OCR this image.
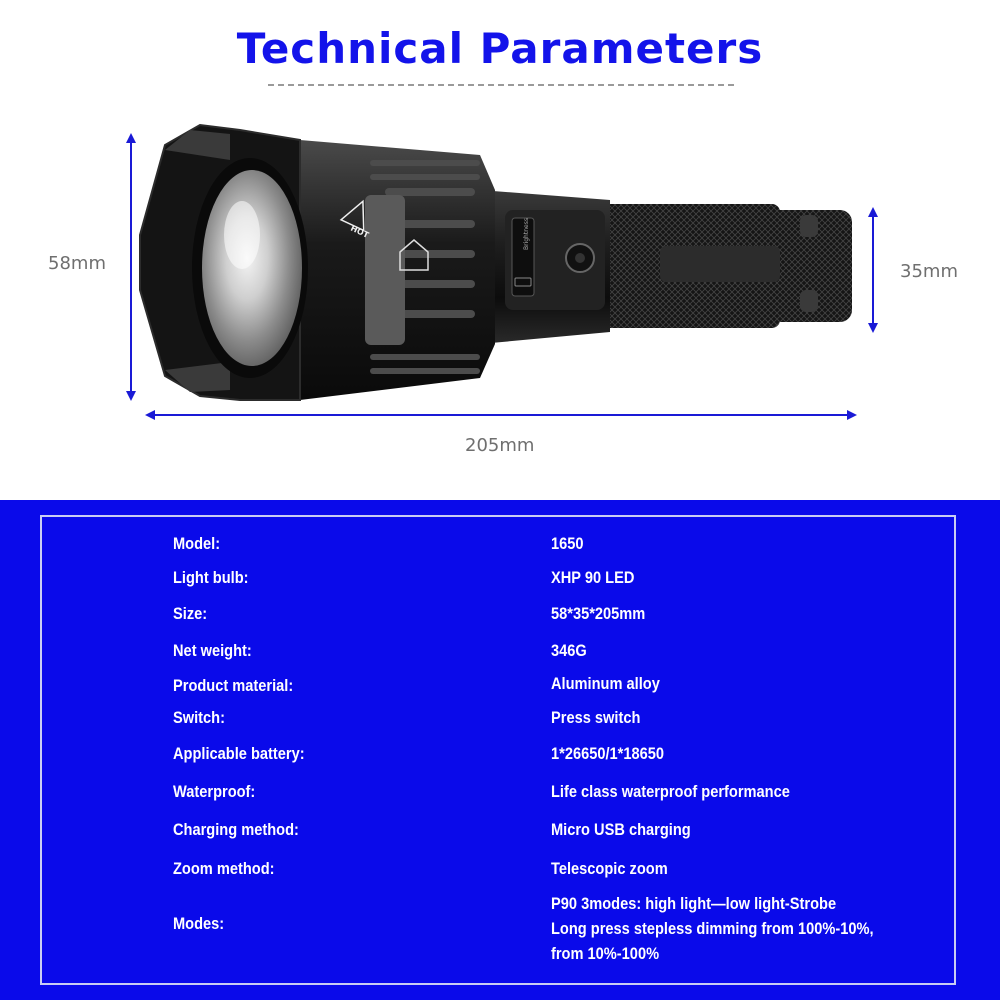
Technical Parameters
Brightness
HOT
58mm	35mm
205mm
Model:	1650
Light bulb:	XHP 90 LED
Size:	58*35*205mm
Net weight:	346G
Product material:	Aluminum alloy
Switch:	Press switch
Applicable battery:	1*26650/1*18650
Waterproof:	Life class waterproof performance
Charging method:	Micro USB charging
Zoom method:	Telescopic zoom
Modes:
P90 3modes: high light—low light-Strobe
Long press stepless dimming from 100%-10%,
from 10%-100%
